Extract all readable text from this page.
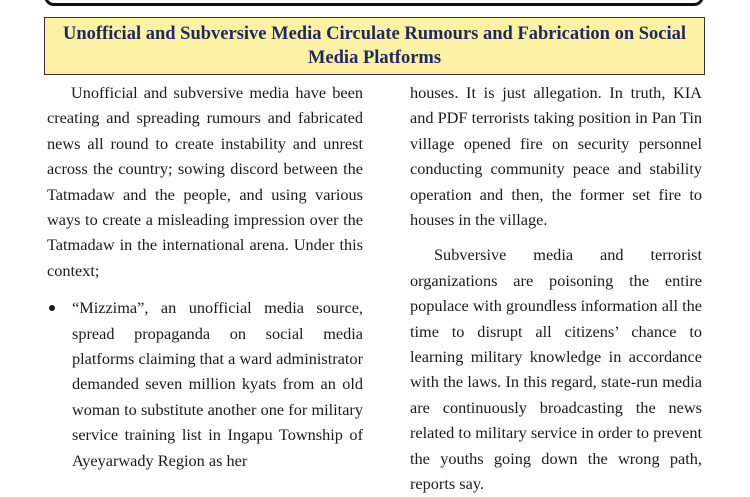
Unofficial and Subversive Media Circulate Rumours and Fabrication on Social Media Platforms

Unofficial and subversive media have been creating and spreading rumours and fabricated news all round to create instability and unrest across the country; sowing discord between the Tatmadaw and the people, and using various ways to create a misleading impression over the Tatmadaw in the international arena. Under this context;

“Mizzima”, an unofficial media source, spread propaganda on social media platforms claiming that a ward administrator demanded seven million kyats from an old woman to substitute another one for military service training list in Ingapu Township of Ayeyarwady Region as her

houses. It is just allegation. In truth, KIA and PDF terrorists taking position in Pan Tin village opened fire on security personnel conducting community peace and stability operation and then, the former set fire to houses in the village.

Subversive media and terrorist organizations are poisoning the entire populace with groundless information all the time to disrupt all citizens’ chance to learning military knowledge in accordance with the laws. In this regard, state-run media are continuously broadcasting the news related to military service in order to prevent the youths going down the wrong path, reports say.
